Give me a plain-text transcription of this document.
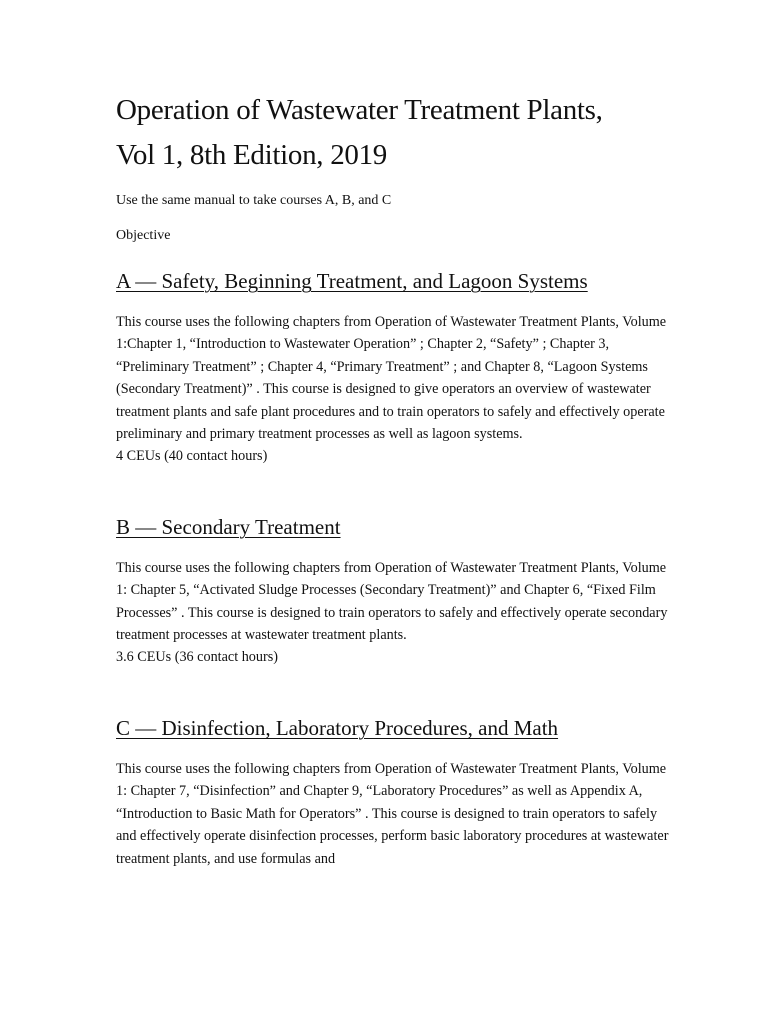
Operation of Wastewater Treatment Plants,
Vol 1, 8th Edition, 2019

Use the same manual to take courses A, B, and C

Objective

A — Safety, Beginning Treatment, and Lagoon Systems

This course uses the following chapters from Operation of Wastewater Treatment Plants, Volume 1:Chapter 1, “Introduction to Wastewater Operation” ; Chapter 2, “Safety” ; Chapter 3, “Preliminary Treatment” ; Chapter 4, “Primary Treatment” ; and Chapter 8, “Lagoon Systems (Secondary Treatment)” . This course is designed to give operators an overview of wastewater treatment plants and safe plant procedures and to train operators to safely and effectively operate preliminary and primary treatment processes as well as lagoon systems.

4 CEUs (40 contact hours)

B — Secondary Treatment

This course uses the following chapters from Operation of Wastewater Treatment Plants, Volume 1: Chapter 5, “Activated Sludge Processes (Secondary Treatment)” and Chapter 6, “Fixed Film Processes” . This course is designed to train operators to safely and effectively operate secondary treatment processes at wastewater treatment plants.

3.6 CEUs (36 contact hours)

C — Disinfection, Laboratory Procedures, and Math

This course uses the following chapters from Operation of Wastewater Treatment Plants, Volume 1: Chapter 7, “Disinfection” and Chapter 9, “Laboratory Procedures” as well as Appendix A, “Introduction to Basic Math for Operators” . This course is designed to train operators to safely and effectively operate disinfection processes, perform basic laboratory procedures at wastewater treatment plants, and use formulas and
